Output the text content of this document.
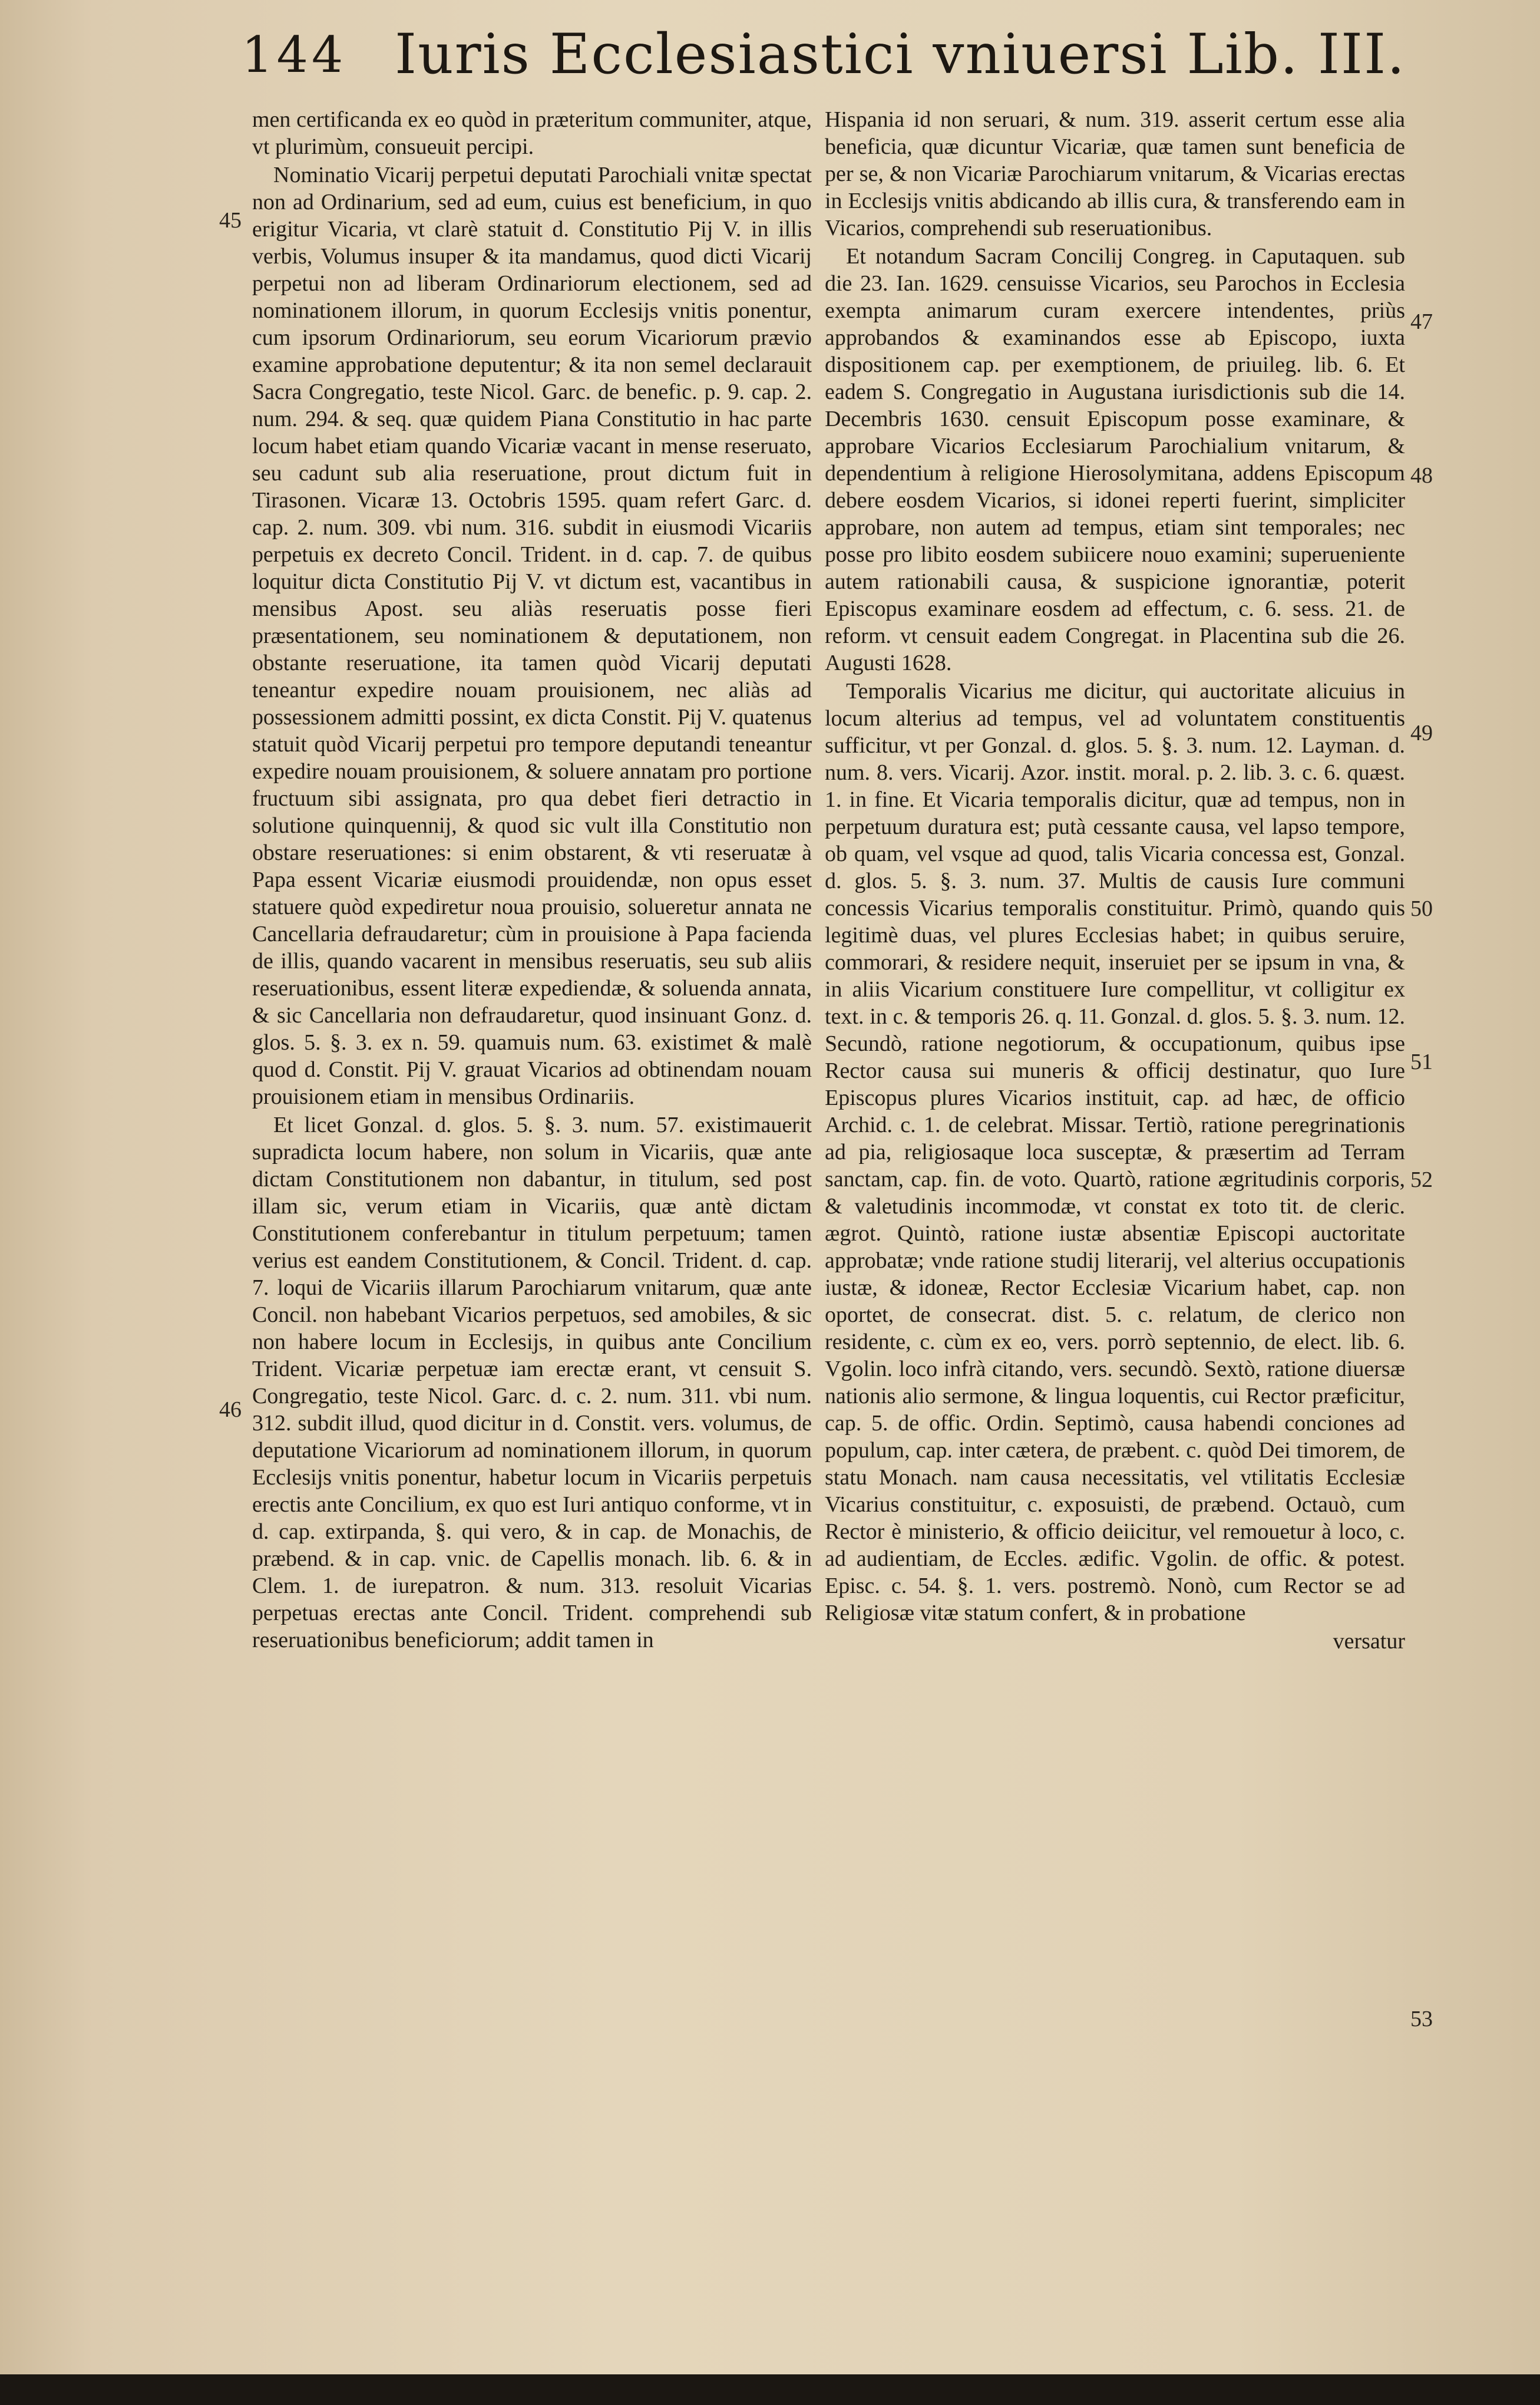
144 Iuris Ecclesiastici vniuersi Lib. III.
45
46
47
48
49
50
51
52
53

men certificanda ex eo quòd in præteritum communiter, atque, vt plurimùm, consueuit percipi.

Nominatio Vicarij perpetui deputati Parochiali vnitæ spectat non ad Ordinarium, sed ad eum, cuius est beneficium, in quo erigitur Vicaria, vt clarè statuit d. Constitutio Pij V. in illis verbis, Volumus insuper & ita mandamus, quod dicti Vicarij perpetui non ad liberam Ordinariorum electionem, sed ad nominationem illorum, in quorum Ecclesijs vnitis ponentur, cum ipsorum Ordinariorum, seu eorum Vicariorum prævio examine approbatione deputentur; & ita non semel declarauit Sacra Congregatio, teste Nicol. Garc. de benefic. p. 9. cap. 2. num. 294. & seq. quæ quidem Piana Constitutio in hac parte locum habet etiam quando Vicariæ vacant in mense reseruato, seu cadunt sub alia reseruatione, prout dictum fuit in Tirasonen. Vicaræ 13. Octobris 1595. quam refert Garc. d. cap. 2. num. 309. vbi num. 316. subdit in eiusmodi Vicariis perpetuis ex decreto Concil. Trident. in d. cap. 7. de quibus loquitur dicta Constitutio Pij V. vt dictum est, vacantibus in mensibus Apost. seu aliàs reseruatis posse fieri præsentationem, seu nominationem & deputationem, non obstante reseruatione, ita tamen quòd Vicarij deputati teneantur expedire nouam prouisionem, nec aliàs ad possessionem admitti possint, ex dicta Constit. Pij V. quatenus statuit quòd Vicarij perpetui pro tempore deputandi teneantur expedire nouam prouisionem, & soluere annatam pro portione fructuum sibi assignata, pro qua debet fieri detractio in solutione quinquennij, & quod sic vult illa Constitutio non obstare reseruationes: si enim obstarent, & vti reseruatæ à Papa essent Vicariæ eiusmodi prouidendæ, non opus esset statuere quòd expediretur noua prouisio, solueretur annata ne Cancellaria defraudaretur; cùm in prouisione à Papa facienda de illis, quando vacarent in mensibus reseruatis, seu sub aliis reseruationibus, essent literæ expediendæ, & soluenda annata, & sic Cancellaria non defraudaretur, quod insinuant Gonz. d. glos. 5. §. 3. ex n. 59. quamuis num. 63. existimet & malè quod d. Constit. Pij V. grauat Vicarios ad obtinendam nouam prouisionem etiam in mensibus Ordinariis.

Et licet Gonzal. d. glos. 5. §. 3. num. 57. existimauerit supradicta locum habere, non solum in Vicariis, quæ ante dictam Constitutionem non dabantur, in titulum, sed post illam sic, verum etiam in Vicariis, quæ antè dictam Constitutionem conferebantur in titulum perpetuum; tamen verius est eandem Constitutionem, & Concil. Trident. d. cap. 7. loqui de Vicariis illarum Parochiarum vnitarum, quæ ante Concil. non habebant Vicarios perpetuos, sed amobiles, & sic non habere locum in Ecclesijs, in quibus ante Concilium Trident. Vicariæ perpetuæ iam erectæ erant, vt censuit S. Congregatio, teste Nicol. Garc. d. c. 2. num. 311. vbi num. 312. subdit illud, quod dicitur in d. Constit. vers. volumus, de deputatione Vicariorum ad nominationem illorum, in quorum Ecclesijs vnitis ponentur, habetur locum in Vicariis perpetuis erectis ante Concilium, ex quo est Iuri antiquo conforme, vt in d. cap. extirpanda, §. qui vero, & in cap. de Monachis, de præbend. & in cap. vnic. de Capellis monach. lib. 6. & in Clem. 1. de iurepatron. & num. 313. resoluit Vicarias perpetuas erectas ante Concil. Trident. comprehendi sub reseruationibus beneficiorum; addit tamen in

Hispania id non seruari, & num. 319. asserit certum esse alia beneficia, quæ dicuntur Vicariæ, quæ tamen sunt beneficia de per se, & non Vicariæ Parochiarum vnitarum, & Vicarias erectas in Ecclesijs vnitis abdicando ab illis cura, & transferendo eam in Vicarios, comprehendi sub reseruationibus.

Et notandum Sacram Concilij Congreg. in Caputaquen. sub die 23. Ian. 1629. censuisse Vicarios, seu Parochos in Ecclesia exempta animarum curam exercere intendentes, priùs approbandos & examinandos esse ab Episcopo, iuxta dispositionem cap. per exemptionem, de priuileg. lib. 6. Et eadem S. Congregatio in Augustana iurisdictionis sub die 14. Decembris 1630. censuit Episcopum posse examinare, & approbare Vicarios Ecclesiarum Parochialium vnitarum, & dependentium à religione Hierosolymitana, addens Episcopum debere eosdem Vicarios, si idonei reperti fuerint, simpliciter approbare, non autem ad tempus, etiam sint temporales; nec posse pro libito eosdem subiicere nouo examini; superueniente autem rationabili causa, & suspicione ignorantiæ, poterit Episcopus examinare eosdem ad effectum, c. 6. sess. 21. de reform. vt censuit eadem Congregat. in Placentina sub die 26. Augusti 1628.

Temporalis Vicarius me dicitur, qui auctoritate alicuius in locum alterius ad tempus, vel ad voluntatem constituentis sufficitur, vt per Gonzal. d. glos. 5. §. 3. num. 12. Layman. d. num. 8. vers. Vicarij. Azor. instit. moral. p. 2. lib. 3. c. 6. quæst. 1. in fine. Et Vicaria temporalis dicitur, quæ ad tempus, non in perpetuum duratura est; putà cessante causa, vel lapso tempore, ob quam, vel vsque ad quod, talis Vicaria concessa est, Gonzal. d. glos. 5. §. 3. num. 37. Multis de causis Iure communi concessis Vicarius temporalis constituitur. Primò, quando quis legitimè duas, vel plures Ecclesias habet; in quibus seruire, commorari, & residere nequit, inseruiet per se ipsum in vna, & in aliis Vicarium constituere Iure compellitur, vt colligitur ex text. in c. & temporis 26. q. 11. Gonzal. d. glos. 5. §. 3. num. 12. Secundò, ratione negotiorum, & occupationum, quibus ipse Rector causa sui muneris & officij destinatur, quo Iure Episcopus plures Vicarios instituit, cap. ad hæc, de officio Archid. c. 1. de celebrat. Missar. Tertiò, ratione peregrinationis ad pia, religiosaque loca susceptæ, & præsertim ad Terram sanctam, cap. fin. de voto. Quartò, ratione ægritudinis corporis, & valetudinis incommodæ, vt constat ex toto tit. de cleric. ægrot. Quintò, ratione iustæ absentiæ Episcopi auctoritate approbatæ; vnde ratione studij literarij, vel alterius occupationis iustæ, & idoneæ, Rector Ecclesiæ Vicarium habet, cap. non oportet, de consecrat. dist. 5. c. relatum, de clerico non residente, c. cùm ex eo, vers. porrò septennio, de elect. lib. 6. Vgolin. loco infrà citando, vers. secundò. Sextò, ratione diuersæ nationis alio sermone, & lingua loquentis, cui Rector præficitur, cap. 5. de offic. Ordin. Septimò, causa habendi conciones ad populum, cap. inter cætera, de præbent. c. quòd Dei timorem, de statu Monach. nam causa necessitatis, vel vtilitatis Ecclesiæ Vicarius constituitur, c. exposuisti, de præbend. Octauò, cum Rector è ministerio, & officio deiicitur, vel remouetur à loco, c. ad audientiam, de Eccles. ædific. Vgolin. de offic. & potest. Episc. c. 54. §. 1. vers. postremò. Nonò, cum Rector se ad Religiosæ vitæ statum confert, & in probatione

versatur
